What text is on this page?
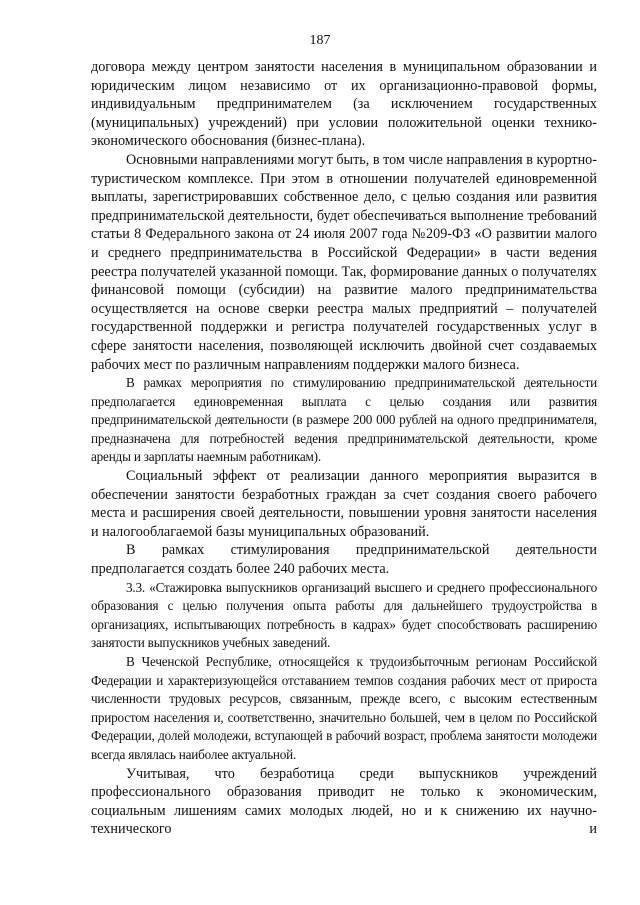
187

договора между центром занятости населения в муниципальном образовании и юридическим лицом независимо от их организационно-правовой формы, индивидуальным предпринимателем (за исключением государственных (муниципальных) учреждений) при условии положительной оценки технико-экономического обоснования (бизнес-плана).

Основными направлениями могут быть, в том числе направления в курортно-туристическом комплексе. При этом в отношении получателей единовременной выплаты, зарегистрировавших собственное дело, с целью создания или развития предпринимательской деятельности, будет обеспечиваться выполнение требований статьи 8 Федерального закона от 24 июля 2007 года №209-ФЗ «О развитии малого и среднего предпринимательства в Российской Федерации» в части ведения реестра получателей указанной помощи. Так, формирование данных о получателях финансовой помощи (субсидии) на развитие малого предпринимательства осуществляется на основе сверки реестра малых предприятий – получателей государственной поддержки и регистра получателей государственных услуг в сфере занятости населения, позволяющей исключить двойной счет создаваемых рабочих мест по различным направлениям поддержки малого бизнеса.

В рамках мероприятия по стимулированию предпринимательской деятельности предполагается единовременная выплата с целью создания или развития предпринимательской деятельности (в размере 200 000 рублей на одного предпринимателя, предназначена для потребностей ведения предпринимательской деятельности, кроме аренды и зарплаты наемным работникам).

Социальный эффект от реализации данного мероприятия выразится в обеспечении занятости безработных граждан за счет создания своего рабочего места и расширения своей деятельности, повышении уровня занятости населения и налогооблагаемой базы муниципальных образований.

В рамках стимулирования предпринимательской деятельности предполагается создать более 240 рабочих места.

3.3. «Стажировка выпускников организаций высшего и среднего профессионального образования с целью получения опыта работы для дальнейшего трудоустройства в организациях, испытывающих потребность в кадрах» будет способствовать расширению занятости выпускников учебных заведений.

В Чеченской Республике, относящейся к трудоизбыточным регионам Российской Федерации и характеризующейся отставанием темпов создания рабочих мест от прироста численности трудовых ресурсов, связанным, прежде всего, с высоким естественным приростом населения и, соответственно, значительно большей, чем в целом по Российской Федерации, долей молодежи, вступающей в рабочий возраст, проблема занятости молодежи всегда являлась наиболее актуальной.

Учитывая, что безработица среди выпускников учреждений профессионального образования приводит не только к экономическим, социальным лишениям самих молодых людей, но и к снижению их научно-технического и
